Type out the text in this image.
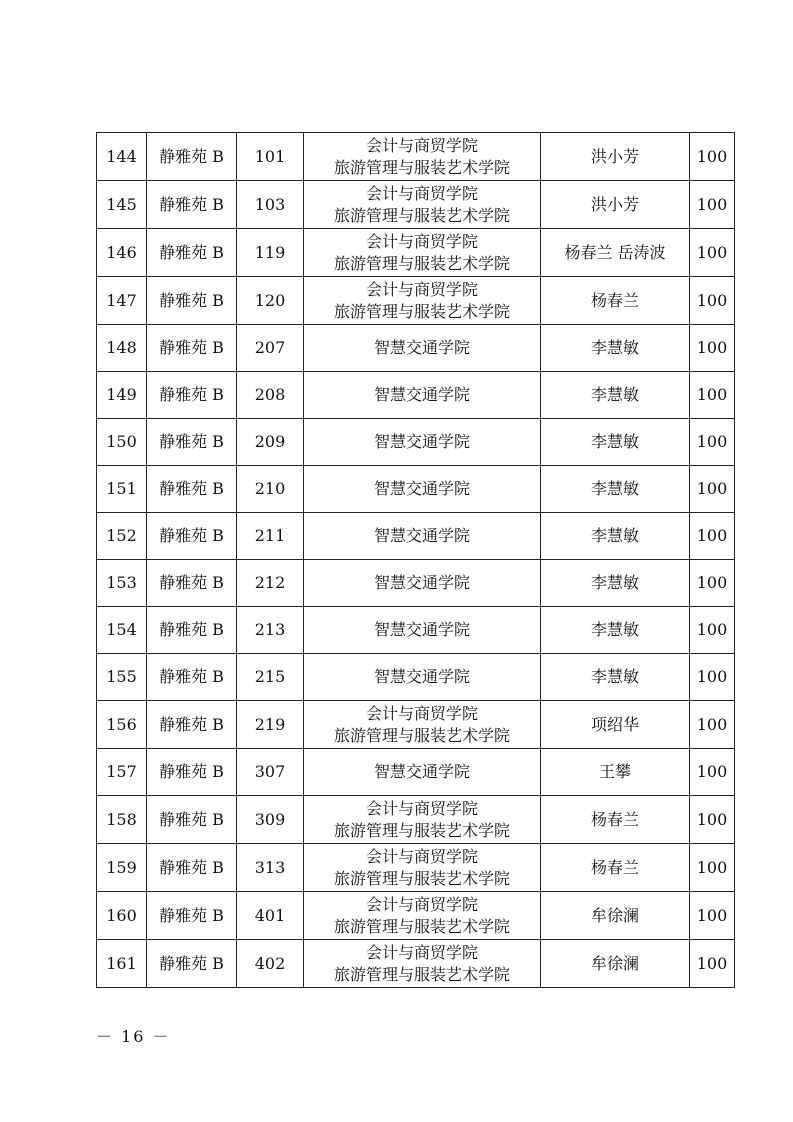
144	静雅苑 B	101	会计与商贸学院
旅游管理与服装艺术学院	洪小芳	100
145	静雅苑 B	103	会计与商贸学院
旅游管理与服装艺术学院	洪小芳	100
146	静雅苑 B	119	会计与商贸学院
旅游管理与服装艺术学院	杨春兰 岳涛波	100
147	静雅苑 B	120	会计与商贸学院
旅游管理与服装艺术学院	杨春兰	100
148	静雅苑 B	207	智慧交通学院	李慧敏	100
149	静雅苑 B	208	智慧交通学院	李慧敏	100
150	静雅苑 B	209	智慧交通学院	李慧敏	100
151	静雅苑 B	210	智慧交通学院	李慧敏	100
152	静雅苑 B	211	智慧交通学院	李慧敏	100
153	静雅苑 B	212	智慧交通学院	李慧敏	100
154	静雅苑 B	213	智慧交通学院	李慧敏	100
155	静雅苑 B	215	智慧交通学院	李慧敏	100
156	静雅苑 B	219	会计与商贸学院
旅游管理与服装艺术学院	项绍华	100
157	静雅苑 B	307	智慧交通学院	王攀	100
158	静雅苑 B	309	会计与商贸学院
旅游管理与服装艺术学院	杨春兰	100
159	静雅苑 B	313	会计与商贸学院
旅游管理与服装艺术学院	杨春兰	100
160	静雅苑 B	401	会计与商贸学院
旅游管理与服装艺术学院	牟徐澜	100
161	静雅苑 B	402	会计与商贸学院
旅游管理与服装艺术学院	牟徐澜	100
－ 16 －
